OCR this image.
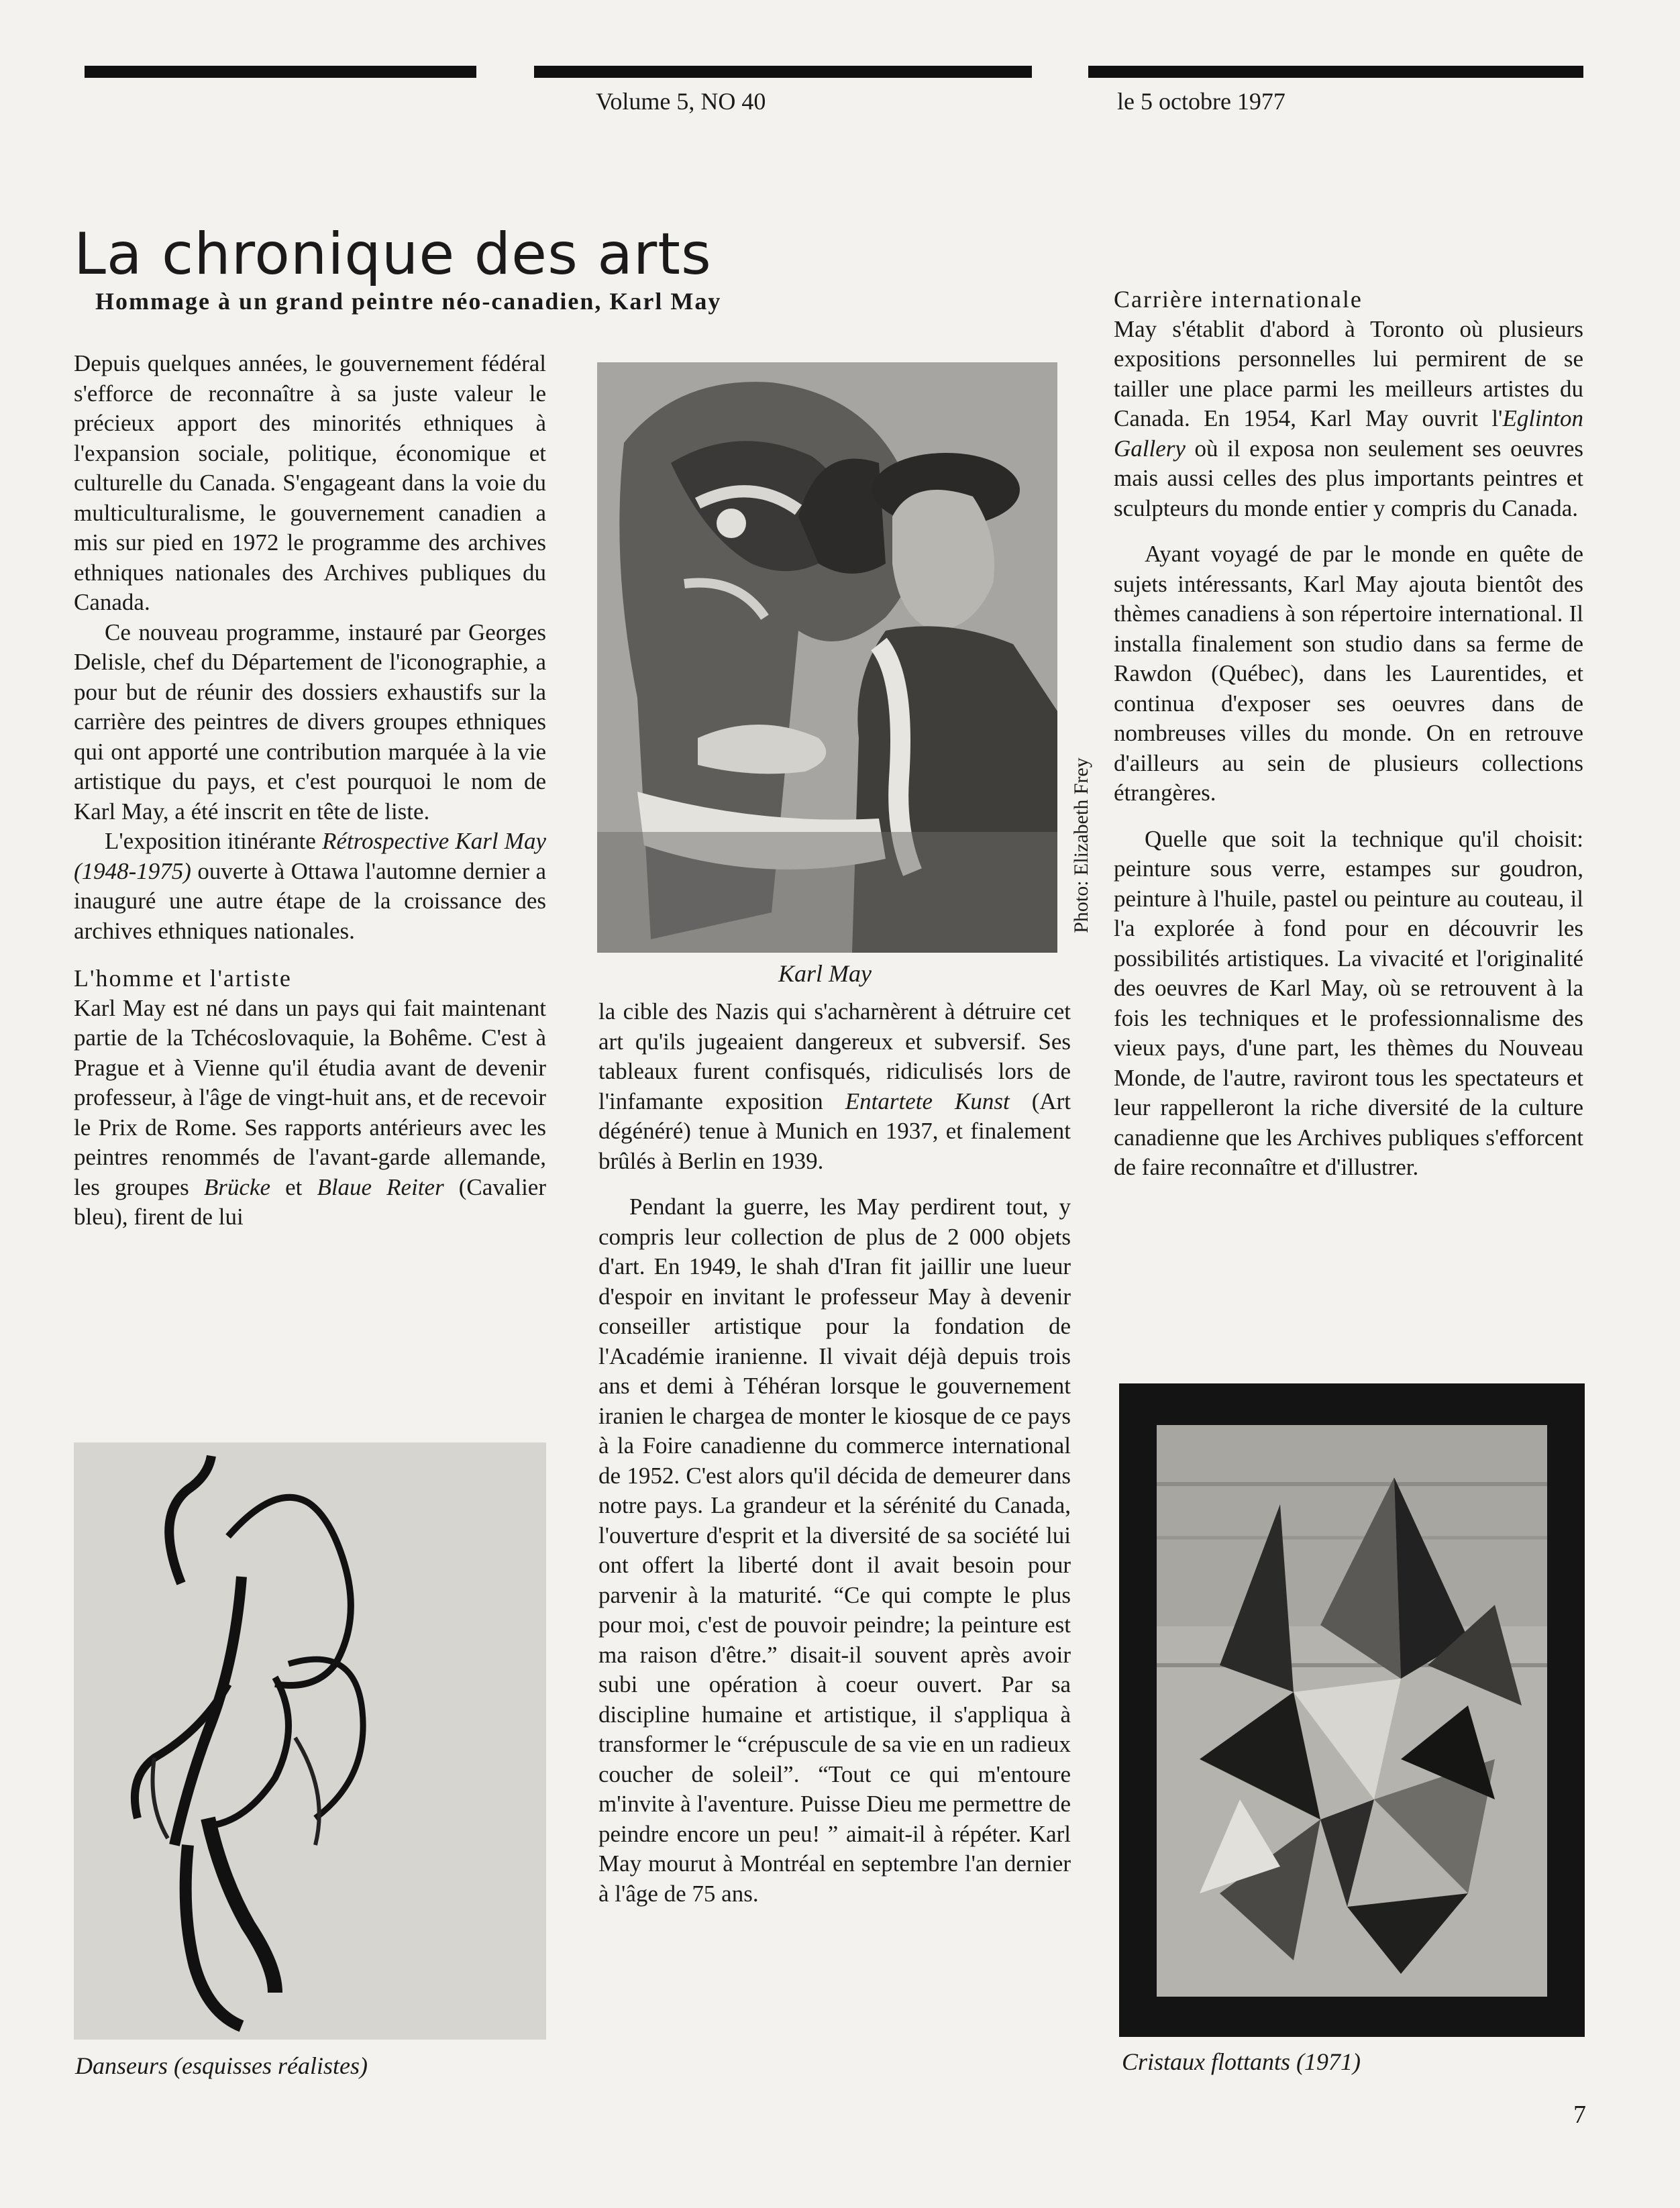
Volume 5, NO 40	le 5 octobre 1977
La chronique des arts
Hommage à un grand peintre néo-canadien, Karl May

Depuis quelques années, le gouvernement fédéral s'efforce de reconnaître à sa juste valeur le précieux apport des minorités ethniques à l'expansion sociale, politique, économique et culturelle du Canada. S'engageant dans la voie du multiculturalisme, le gouvernement canadien a mis sur pied en 1972 le programme des archives ethniques nationales des Archives publiques du Canada.

Ce nouveau programme, instauré par Georges Delisle, chef du Département de l'iconographie, a pour but de réunir des dossiers exhaustifs sur la carrière des peintres de divers groupes ethniques qui ont apporté une contribution marquée à la vie artistique du pays, et c'est pourquoi le nom de Karl May, a été inscrit en tête de liste.

L'exposition itinérante Rétrospective Karl May (1948-1975) ouverte à Ottawa l'automne dernier a inauguré une autre étape de la croissance des archives ethniques nationales.

L'homme et l'artiste

Karl May est né dans un pays qui fait maintenant partie de la Tchécoslovaquie, la Bohême. C'est à Prague et à Vienne qu'il étudia avant de devenir professeur, à l'âge de vingt-huit ans, et de recevoir le Prix de Rome. Ses rapports antérieurs avec les peintres renommés de l'avant-garde allemande, les groupes Brücke et Blaue Reiter (Cavalier bleu), firent de lui

Danseurs (esquisses réalistes)
Karl May
Photo: Elizabeth Frey

la cible des Nazis qui s'acharnèrent à détruire cet art qu'ils jugeaient dangereux et subversif. Ses tableaux furent confisqués, ridiculisés lors de l'infamante exposition Entartete Kunst (Art dégénéré) tenue à Munich en 1937, et finalement brûlés à Berlin en 1939.

Pendant la guerre, les May perdirent tout, y compris leur collection de plus de 2 000 objets d'art. En 1949, le shah d'Iran fit jaillir une lueur d'espoir en invitant le professeur May à devenir conseiller artistique pour la fondation de l'Académie iranienne. Il vivait déjà depuis trois ans et demi à Téhéran lorsque le gouvernement iranien le chargea de monter le kiosque de ce pays à la Foire canadienne du commerce international de 1952. C'est alors qu'il décida de demeurer dans notre pays. La grandeur et la sérénité du Canada, l'ouverture d'esprit et la diversité de sa société lui ont offert la liberté dont il avait besoin pour parvenir à la maturité. “Ce qui compte le plus pour moi, c'est de pouvoir peindre; la peinture est ma raison d'être.” disait-il souvent après avoir subi une opération à coeur ouvert. Par sa discipline humaine et artistique, il s'appliqua à transformer le “crépuscule de sa vie en un radieux coucher de soleil”. “Tout ce qui m'entoure m'invite à l'aventure. Puisse Dieu me permettre de peindre encore un peu! ” aimait-il à répéter. Karl May mourut à Montréal en septembre l'an dernier à l'âge de 75 ans.

Carrière internationale

May s'établit d'abord à Toronto où plusieurs expositions personnelles lui permirent de se tailler une place parmi les meilleurs artistes du Canada. En 1954, Karl May ouvrit l'Eglinton Gallery où il exposa non seulement ses oeuvres mais aussi celles des plus importants peintres et sculpteurs du monde entier y compris du Canada.

Ayant voyagé de par le monde en quête de sujets intéressants, Karl May ajouta bientôt des thèmes canadiens à son répertoire international. Il installa finalement son studio dans sa ferme de Rawdon (Québec), dans les Laurentides, et continua d'exposer ses oeuvres dans de nombreuses villes du monde. On en retrouve d'ailleurs au sein de plusieurs collections étrangères.

Quelle que soit la technique qu'il choisit: peinture sous verre, estampes sur goudron, peinture à l'huile, pastel ou peinture au couteau, il l'a explorée à fond pour en découvrir les possibilités artistiques. La vivacité et l'originalité des oeuvres de Karl May, où se retrouvent à la fois les techniques et le professionnalisme des vieux pays, d'une part, les thèmes du Nouveau Monde, de l'autre, raviront tous les spectateurs et leur rappelleront la riche diversité de la culture canadienne que les Archives publiques s'efforcent de faire reconnaître et d'illustrer.

Cristaux flottants (1971)
7
